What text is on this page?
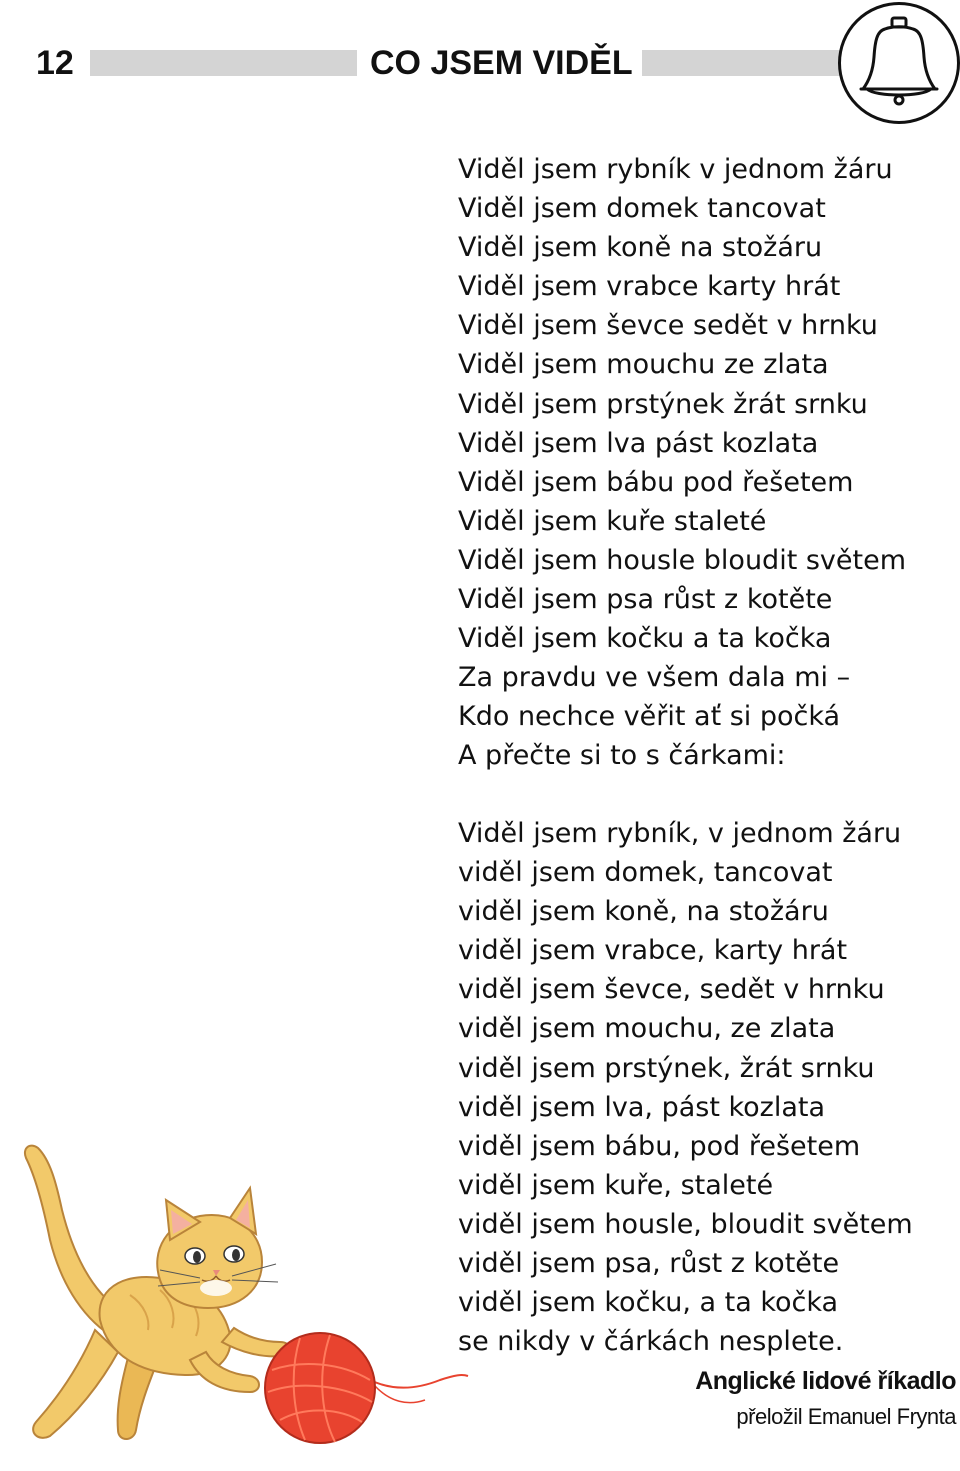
12	CO JSEM VIDĚL
Viděl jsem rybník v jednom žáru
Viděl jsem domek tancovat
Viděl jsem koně na stožáru
Viděl jsem vrabce karty hrát
Viděl jsem ševce sedět v hrnku
Viděl jsem mouchu ze zlata
Viděl jsem prstýnek žrát srnku
Viděl jsem lva pást kozlata
Viděl jsem bábu pod řešetem
Viděl jsem kuře staleté
Viděl jsem housle bloudit světem
Viděl jsem psa růst z kotěte
Viděl jsem kočku a ta kočka
Za pravdu ve všem dala mi –
Kdo nechce věřit ať si počká
A přečte si to s čárkami:
Viděl jsem rybník, v jednom žáru
viděl jsem domek, tancovat
viděl jsem koně, na stožáru
viděl jsem vrabce, karty hrát
viděl jsem ševce, sedět v hrnku
viděl jsem mouchu, ze zlata
viděl jsem prstýnek, žrát srnku
viděl jsem lva, pást kozlata
viděl jsem bábu, pod řešetem
viděl jsem kuře, staleté
viděl jsem housle, bloudit světem
viděl jsem psa, růst z kotěte
viděl jsem kočku, a ta kočka
se nikdy v čárkách nesplete.
Anglické lidové říkadlo
přeložil Emanuel Frynta
